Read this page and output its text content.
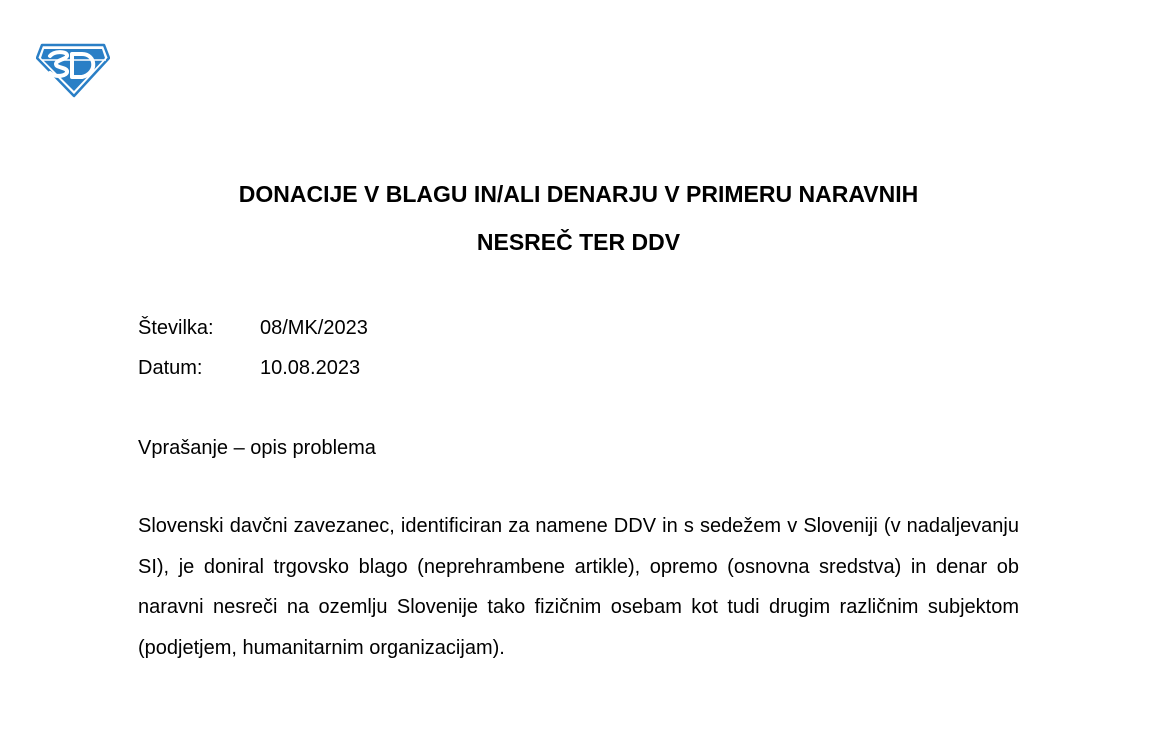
DONACIJE V BLAGU IN/ALI DENARJU V PRIMERU NARAVNIH
NESREČ TER DDV
Številka: 08/MK/2023
Datum:	10.08.2023
Vprašanje – opis problema

Slovenski davčni zavezanec, identificiran za namene DDV in s sedežem v Sloveniji (v nadaljevanju SI), je doniral trgovsko blago (neprehrambene artikle), opremo (osnovna sredstva) in denar ob naravni nesreči na ozemlju Slovenije tako fizičnim osebam kot tudi drugim različnim subjektom (podjetjem, humanitarnim organizacijam).
